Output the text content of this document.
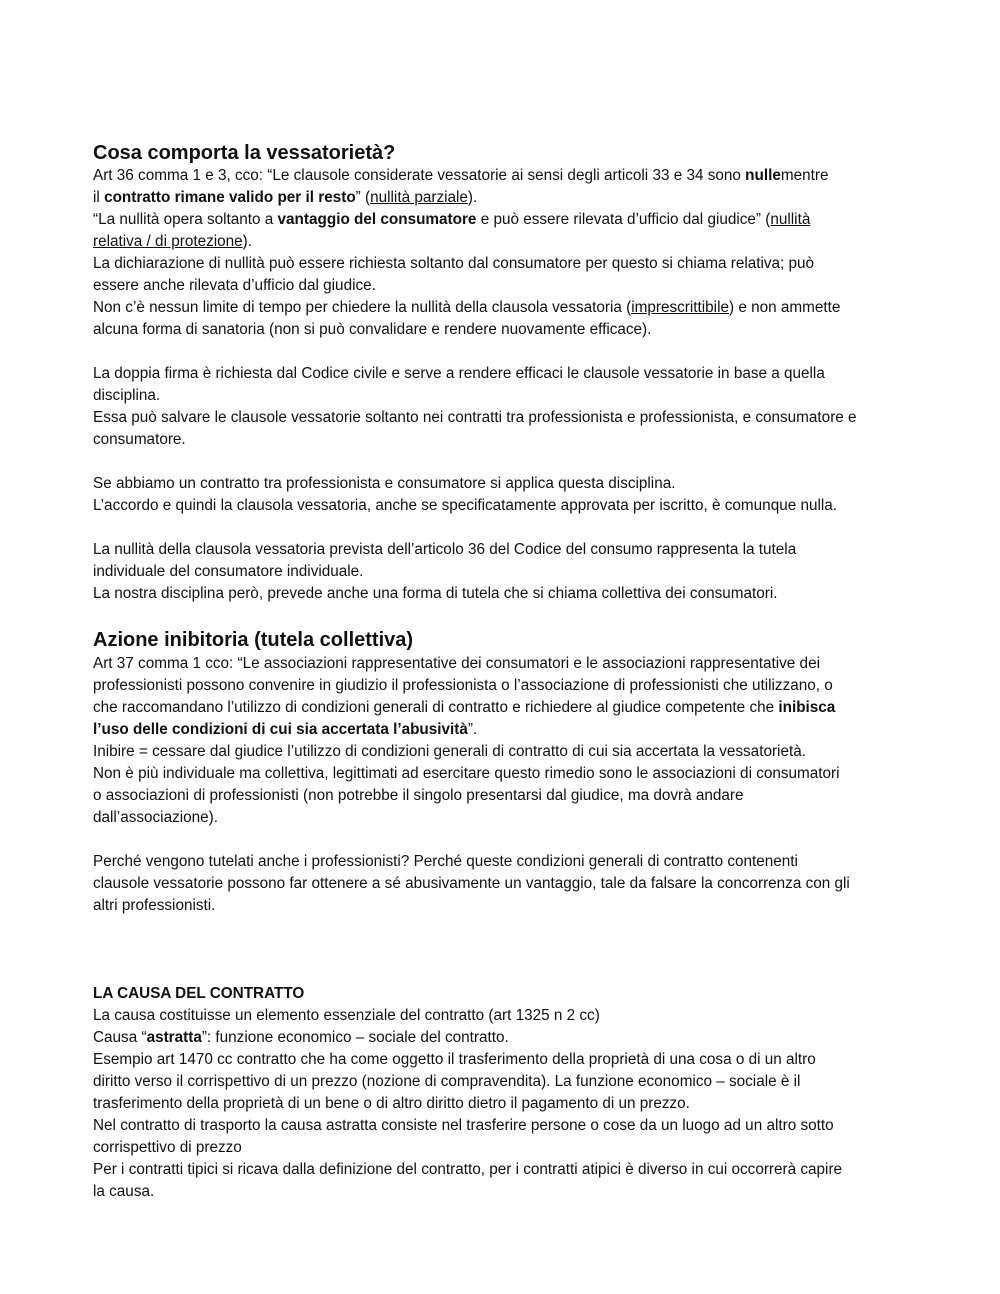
Cosa comporta la vessatorietà?
Art 36 comma 1 e 3, cco: “Le clausole considerate vessatorie ai sensi degli articoli 33 e 34 sono nullementre
il contratto rimane valido per il resto” (nullità parziale).
“La nullità opera soltanto a vantaggio del consumatore e può essere rilevata d’ufficio dal giudice” (nullità
relativa / di protezione).
La dichiarazione di nullità può essere richiesta soltanto dal consumatore per questo si chiama relativa; può
essere anche rilevata d’ufficio dal giudice.
Non c’è nessun limite di tempo per chiedere la nullità della clausola vessatoria (imprescrittibile) e non ammette
alcuna forma di sanatoria (non si può convalidare e rendere nuovamente efficace).
La doppia firma è richiesta dal Codice civile e serve a rendere efficaci le clausole vessatorie in base a quella
disciplina.
Essa può salvare le clausole vessatorie soltanto nei contratti tra professionista e professionista, e consumatore e
consumatore.
Se abbiamo un contratto tra professionista e consumatore si applica questa disciplina.
L’accordo e quindi la clausola vessatoria, anche se specificatamente approvata per iscritto, è comunque nulla.
La nullità della clausola vessatoria prevista dell’articolo 36 del Codice del consumo rappresenta la tutela
individuale del consumatore individuale.
La nostra disciplina però, prevede anche una forma di tutela che si chiama collettiva dei consumatori.
Azione inibitoria (tutela collettiva)
Art 37 comma 1 cco: “Le associazioni rappresentative dei consumatori e le associazioni rappresentative dei
professionisti possono convenire in giudizio il professionista o l’associazione di professionisti che utilizzano, o
che raccomandano l’utilizzo di condizioni generali di contratto e richiedere al giudice competente che inibisca
l’uso delle condizioni di cui sia accertata l’abusività”.
Inibire = cessare dal giudice l’utilizzo di condizioni generali di contratto di cui sia accertata la vessatorietà.
Non è più individuale ma collettiva, legittimati ad esercitare questo rimedio sono le associazioni di consumatori
o associazioni di professionisti (non potrebbe il singolo presentarsi dal giudice, ma dovrà andare
dall’associazione).
Perché vengono tutelati anche i professionisti? Perché queste condizioni generali di contratto contenenti
clausole vessatorie possono far ottenere a sé abusivamente un vantaggio, tale da falsare la concorrenza con gli
altri professionisti.
LA CAUSA DEL CONTRATTO
La causa costituisse un elemento essenziale del contratto (art 1325 n 2 cc)
Causa “astratta”: funzione economico – sociale del contratto.
Esempio art 1470 cc contratto che ha come oggetto il trasferimento della proprietà di una cosa o di un altro
diritto verso il corrispettivo di un prezzo (nozione di compravendita). La funzione economico – sociale è il
trasferimento della proprietà di un bene o di altro diritto dietro il pagamento di un prezzo.
Nel contratto di trasporto la causa astratta consiste nel trasferire persone o cose da un luogo ad un altro sotto
corrispettivo di prezzo
Per i contratti tipici si ricava dalla definizione del contratto, per i contratti atipici è diverso in cui occorrerà capire
la causa.
